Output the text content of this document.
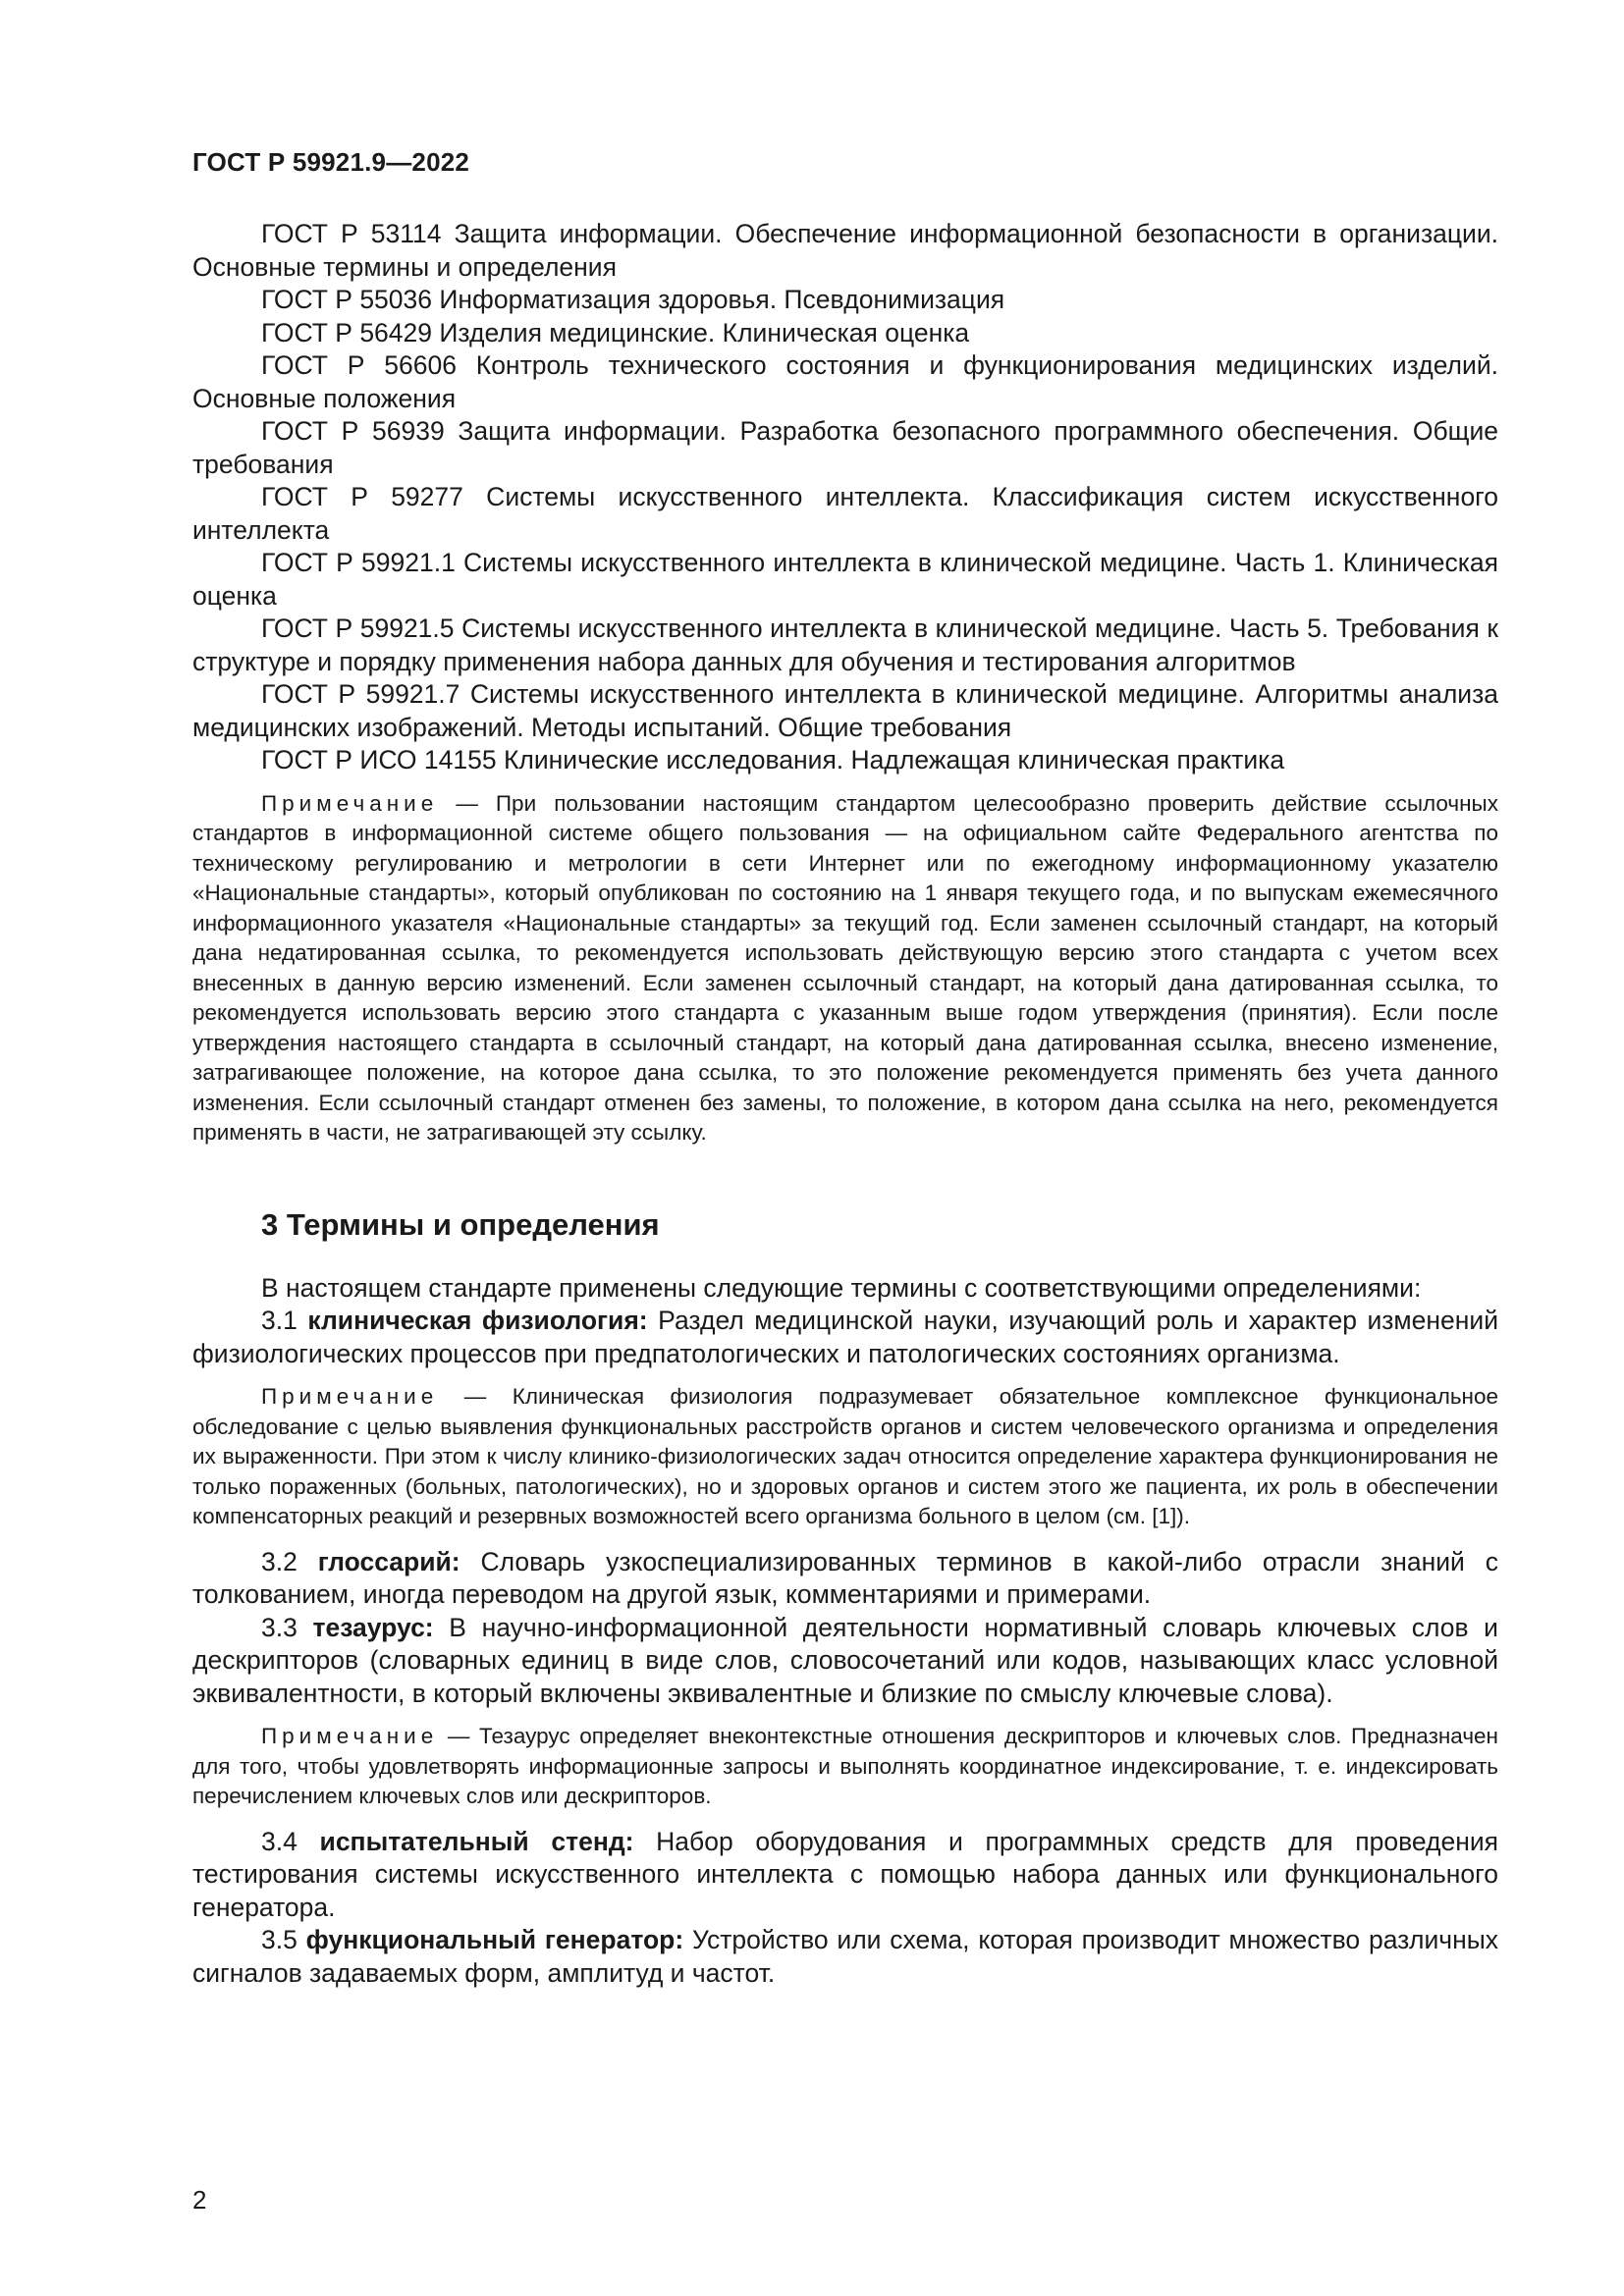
ГОСТ Р 59921.9—2022

ГОСТ Р 53114 Защита информации. Обеспечение информационной безопасности в организации. Основные термины и определения

ГОСТ Р 55036 Информатизация здоровья. Псевдонимизация

ГОСТ Р 56429 Изделия медицинские. Клиническая оценка

ГОСТ Р 56606 Контроль технического состояния и функционирования медицинских изделий. Основные положения

ГОСТ Р 56939 Защита информации. Разработка безопасного программного обеспечения. Общие требования

ГОСТ Р 59277 Системы искусственного интеллекта. Классификация систем искусственного интеллекта

ГОСТ Р 59921.1 Системы искусственного интеллекта в клинической медицине. Часть 1. Клиническая оценка

ГОСТ Р 59921.5 Системы искусственного интеллекта в клинической медицине. Часть 5. Требования к структуре и порядку применения набора данных для обучения и тестирования алгоритмов

ГОСТ Р 59921.7 Системы искусственного интеллекта в клинической медицине. Алгоритмы анализа медицинских изображений. Методы испытаний. Общие требования

ГОСТ Р ИСО 14155 Клинические исследования. Надлежащая клиническая практика

Примечание — При пользовании настоящим стандартом целесообразно проверить действие ссылочных стандартов в информационной системе общего пользования — на официальном сайте Федерального агентства по техническому регулированию и метрологии в сети Интернет или по ежегодному информационному указателю «Национальные стандарты», который опубликован по состоянию на 1 января текущего года, и по выпускам ежемесячного информационного указателя «Национальные стандарты» за текущий год. Если заменен ссылочный стандарт, на который дана недатированная ссылка, то рекомендуется использовать действующую версию этого стандарта с учетом всех внесенных в данную версию изменений. Если заменен ссылочный стандарт, на который дана датированная ссылка, то рекомендуется использовать версию этого стандарта с указанным выше годом утверждения (принятия). Если после утверждения настоящего стандарта в ссылочный стандарт, на который дана датированная ссылка, внесено изменение, затрагивающее положение, на которое дана ссылка, то это положение рекомендуется применять без учета данного изменения. Если ссылочный стандарт отменен без замены, то положение, в котором дана ссылка на него, рекомендуется применять в части, не затрагивающей эту ссылку.

3 Термины и определения

В настоящем стандарте применены следующие термины с соответствующими определениями:

3.1 клиническая физиология: Раздел медицинской науки, изучающий роль и характер изменений физиологических процессов при предпатологических и патологических состояниях организма.

Примечание — Клиническая физиология подразумевает обязательное комплексное функциональное обследование с целью выявления функциональных расстройств органов и систем человеческого организма и определения их выраженности. При этом к числу клинико-физиологических задач относится определение характера функционирования не только пораженных (больных, патологических), но и здоровых органов и систем этого же пациента, их роль в обеспечении компенсаторных реакций и резервных возможностей всего организма больного в целом (см. [1]).

3.2 глоссарий: Словарь узкоспециализированных терминов в какой-либо отрасли знаний с толкованием, иногда переводом на другой язык, комментариями и примерами.

3.3 тезаурус: В научно-информационной деятельности нормативный словарь ключевых слов и дескрипторов (словарных единиц в виде слов, словосочетаний или кодов, называющих класс условной эквивалентности, в который включены эквивалентные и близкие по смыслу ключевые слова).

Примечание — Тезаурус определяет внеконтекстные отношения дескрипторов и ключевых слов. Предназначен для того, чтобы удовлетворять информационные запросы и выполнять координатное индексирование, т. е. индексировать перечислением ключевых слов или дескрипторов.

3.4 испытательный стенд: Набор оборудования и программных средств для проведения тестирования системы искусственного интеллекта с помощью набора данных или функционального генератора.

3.5 функциональный генератор: Устройство или схема, которая производит множество различных сигналов задаваемых форм, амплитуд и частот.

2
